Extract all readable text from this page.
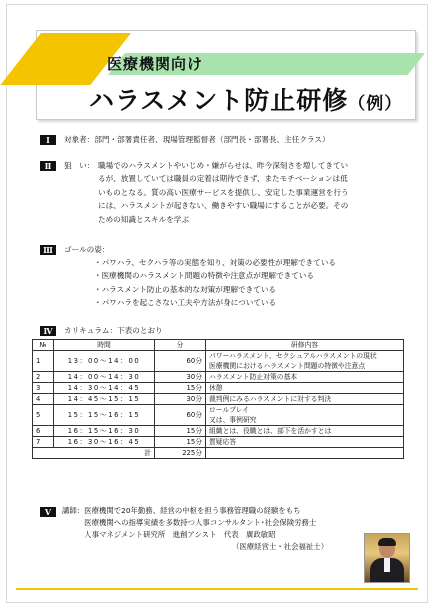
医療機関向け
ハラスメント防止研修（例）
Ⅰ	対象者：部門・部署責任者、現場管理監督者（部門長・部署長、主任クラス）
Ⅱ	狙　い： 職場でのハラスメントやいじめ・嫌がらせは、昨今深刻さを増してきてい
るが、放置していては職員の定着は期待できず、またモチベーションは低
いものとなる。質の高い医療サービスを提供し、安定した事業運営を行う
には、ハラスメントが起きない、働きやすい職場にすることが必要。その
ための知識とスキルを学ぶ
Ⅲ	ゴールの姿：
・パワハラ、セクハラ等の実態を知り、対策の必要性が理解できている
・医療機関のハラスメント問題の特徴や注意点が理解できている
・ハラスメント防止の基本的な対策が理解できている
・パワハラを起こさない工夫や方法が身についている
Ⅳ	カリキュラム：下表のとおり
№	時間	分	研修内容
1	13：00～14：00	60分	パワーハラスメント、セクシュアルハラスメントの現状
医療機関におけるハラスメント問題の特徴や注意点

2	14：00～14：30	30分	ハラスメント防止対策の基本
3	14：30～14：45	15分	休憩
4	14：45～15：15	30分	裁判例にみるハラスメントに対する判決
5	15：15～16：15	60分	ロールプレイ
又は、事例研究

6	16：15～16：30	15分	組織とは、役職とは、部下を活かすとは
7	16：30～16：45	15分	質疑応答
計		225分	
Ⅴ	講師：医療機関で20年勤務、経営の中枢を担う事務管理職の経験をもち
　　　医療機関への指導実績を多数持つ人事コンサルタント･社会保険労務士
　　　人事マネジメント研究所　進創アシスト　代表　廣政敏昭
（医療経営士・社会福祉士）
